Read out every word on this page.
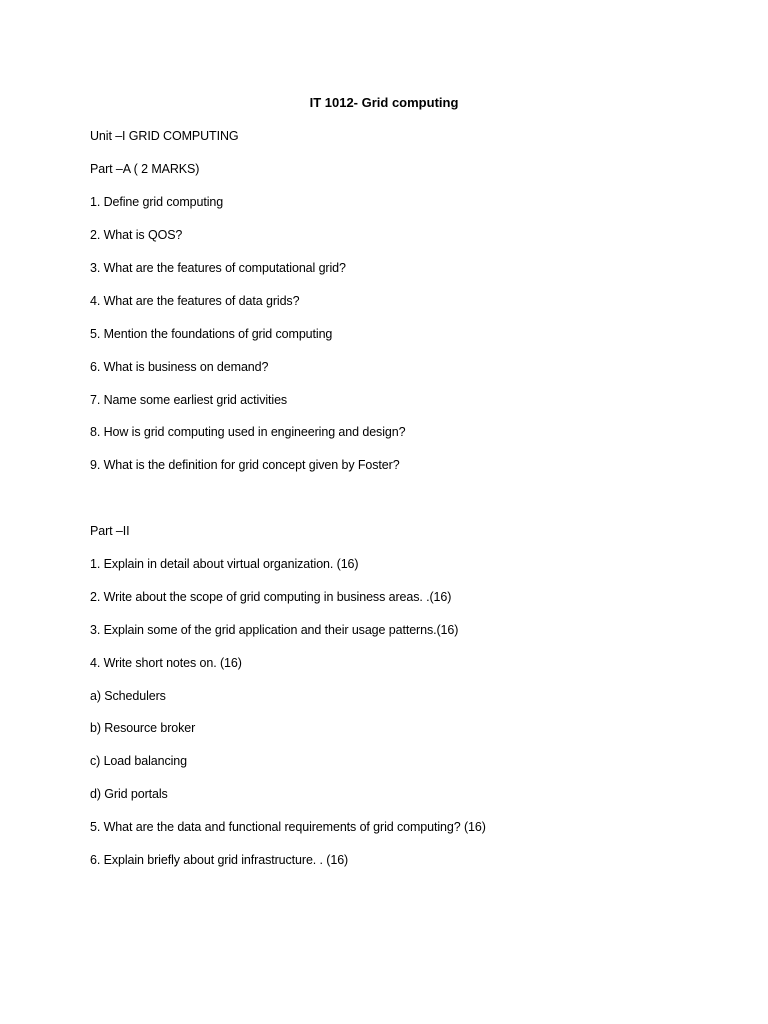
IT 1012- Grid computing
Unit –I GRID COMPUTING
Part –A ( 2 MARKS)
1. Define grid computing
2. What is QOS?
3. What are the features of computational grid?
4. What are the features of data grids?
5. Mention the foundations of grid computing
6. What is business on demand?
7. Name some earliest grid activities
8. How is grid computing used in engineering and design?
9. What is the definition for grid concept given by Foster?
Part –II
1. Explain in detail about virtual organization. (16)
2. Write about the scope of grid computing in business areas. .(16)
3. Explain some of the grid application and their usage patterns.(16)
4. Write short notes on. (16)
a) Schedulers
b) Resource broker
c) Load balancing
d) Grid portals
5. What are the data and functional requirements of grid computing? (16)
6. Explain briefly about grid infrastructure. . (16)
